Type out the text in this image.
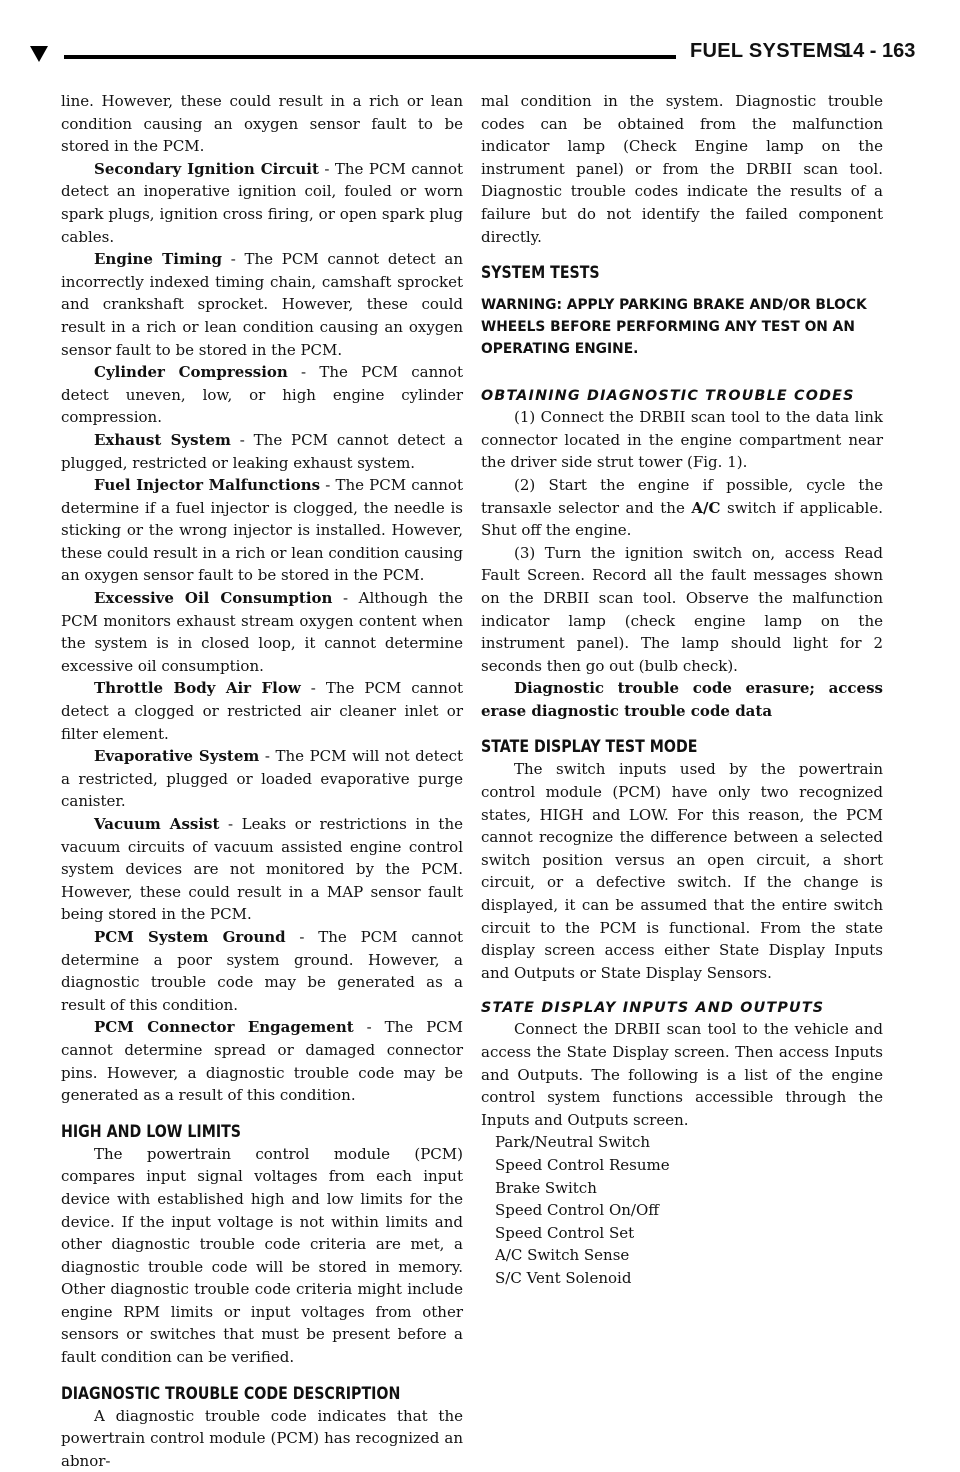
FUEL SYSTEMS
14 - 163
line. However, these could result in a rich or lean condition causing an oxygen sensor fault to be stored in the PCM.
Secondary Ignition Circuit - The PCM cannot detect an inoperative ignition coil, fouled or worn spark plugs, ignition cross firing, or open spark plug cables.
Engine Timing - The PCM cannot detect an incorrectly indexed timing chain, camshaft sprocket and crankshaft sprocket. However, these could result in a rich or lean condition causing an oxygen sensor fault to be stored in the PCM.
Cylinder Compression - The PCM cannot detect uneven, low, or high engine cylinder compression.
Exhaust System - The PCM cannot detect a plugged, restricted or leaking exhaust system.
Fuel Injector Malfunctions - The PCM cannot determine if a fuel injector is clogged, the needle is sticking or the wrong injector is installed. However, these could result in a rich or lean condition causing an oxygen sensor fault to be stored in the PCM.
Excessive Oil Consumption - Although the PCM monitors exhaust stream oxygen content when the system is in closed loop, it cannot determine excessive oil consumption.
Throttle Body Air Flow - The PCM cannot detect a clogged or restricted air cleaner inlet or filter element.
Evaporative System - The PCM will not detect a restricted, plugged or loaded evaporative purge canister.
Vacuum Assist - Leaks or restrictions in the vacuum circuits of vacuum assisted engine control system devices are not monitored by the PCM. However, these could result in a MAP sensor fault being stored in the PCM.
PCM System Ground - The PCM cannot determine a poor system ground. However, a diagnostic trouble code may be generated as a result of this condition.
PCM Connector Engagement - The PCM cannot determine spread or damaged connector pins. However, a diagnostic trouble code may be generated as a result of this condition.
HIGH AND LOW LIMITS
The powertrain control module (PCM) compares input signal voltages from each input device with established high and low limits for the device. If the input voltage is not within limits and other diagnostic trouble code criteria are met, a diagnostic trouble code will be stored in memory. Other diagnostic trouble code criteria might include engine RPM limits or input voltages from other sensors or switches that must be present before a fault condition can be verified.
DIAGNOSTIC TROUBLE CODE DESCRIPTION
A diagnostic trouble code indicates that the powertrain control module (PCM) has recognized an abnor-
mal condition in the system. Diagnostic trouble codes can be obtained from the malfunction indicator lamp (Check Engine lamp on the instrument panel) or from the DRBII scan tool. Diagnostic trouble codes indicate the results of a failure but do not identify the failed component directly.
SYSTEM TESTS
WARNING: APPLY PARKING BRAKE AND/OR BLOCK WHEELS BEFORE PERFORMING ANY TEST ON AN OPERATING ENGINE.
OBTAINING DIAGNOSTIC TROUBLE CODES
(1) Connect the DRBII scan tool to the data link connector located in the engine compartment near the driver side strut tower (Fig. 1).
(2) Start the engine if possible, cycle the transaxle selector and the A/C switch if applicable. Shut off the engine.
(3) Turn the ignition switch on, access Read Fault Screen. Record all the fault messages shown on the DRBII scan tool. Observe the malfunction indicator lamp (check engine lamp on the instrument panel). The lamp should light for 2 seconds then go out (bulb check).
Diagnostic trouble code erasure; access erase diagnostic trouble code data
STATE DISPLAY TEST MODE
The switch inputs used by the powertrain control module (PCM) have only two recognized states, HIGH and LOW. For this reason, the PCM cannot recognize the difference between a selected switch position versus an open circuit, a short circuit, or a defective switch. If the change is displayed, it can be assumed that the entire switch circuit to the PCM is functional. From the state display screen access either State Display Inputs and Outputs or State Display Sensors.
STATE DISPLAY INPUTS AND OUTPUTS
Connect the DRBII scan tool to the vehicle and access the State Display screen. Then access Inputs and Outputs. The following is a list of the engine control system functions accessible through the Inputs and Outputs screen.
Park/Neutral Switch
Speed Control Resume
Brake Switch
Speed Control On/Off
Speed Control Set
A/C Switch Sense
S/C Vent Solenoid
